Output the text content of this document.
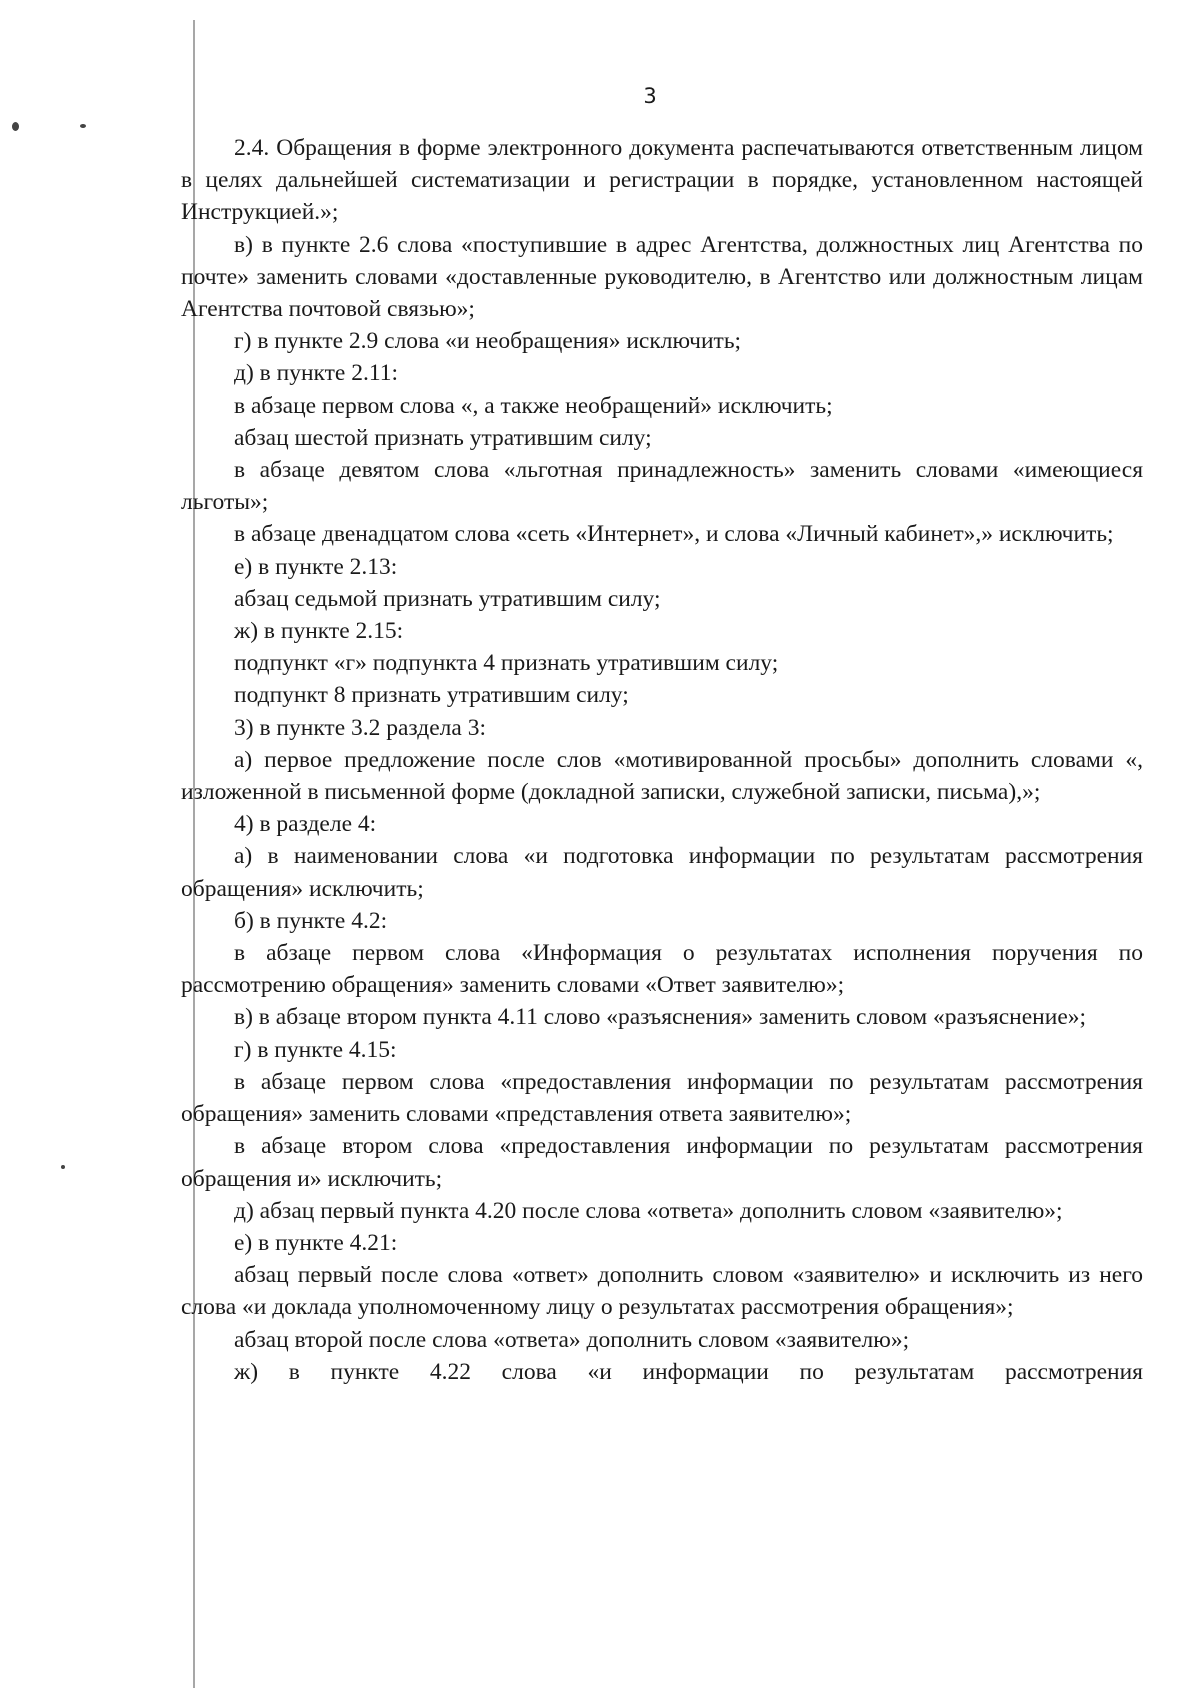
3

2.4. Обращения в форме электронного документа распечатываются ответственным лицом в целях дальнейшей систематизации и регистрации в порядке, установленном настоящей Инструкцией.»;

в) в пункте 2.6 слова «поступившие в адрес Агентства, должностных лиц Агентства по почте» заменить словами «доставленные руководителю, в Агентство или должностным лицам Агентства почтовой связью»;

г) в пункте 2.9 слова «и необращения» исключить;

д) в пункте 2.11:

в абзаце первом слова «, а также необращений» исключить;

абзац шестой признать утратившим силу;

в абзаце девятом слова «льготная принадлежность» заменить словами «имеющиеся льготы»;

в абзаце двенадцатом слова «сеть «Интернет», и слова «Личный кабинет»,» исключить;

е) в пункте 2.13:

абзац седьмой признать утратившим силу;

ж) в пункте 2.15:

подпункт «г» подпункта 4 признать утратившим силу;

подпункт 8 признать утратившим силу;

3) в пункте 3.2 раздела 3:

а) первое предложение после слов «мотивированной просьбы» дополнить словами «, изложенной в письменной форме (докладной записки, служебной записки, письма),»;

4) в разделе 4:

а) в наименовании слова «и подготовка информации по результатам рассмотрения обращения» исключить;

б) в пункте 4.2:

в абзаце первом слова «Информация о результатах исполнения поручения по рассмотрению обращения» заменить словами «Ответ заявителю»;

в) в абзаце втором пункта 4.11 слово «разъяснения» заменить словом «разъяснение»;

г) в пункте 4.15:

в абзаце первом слова «предоставления информации по результатам рассмотрения обращения» заменить словами «представления ответа заявителю»;

в абзаце втором слова «предоставления информации по результатам рассмотрения обращения и» исключить;

д) абзац первый пункта 4.20 после слова «ответа» дополнить словом «заявителю»;

е) в пункте 4.21:

абзац первый после слова «ответ» дополнить словом «заявителю» и исключить из него слова «и доклада уполномоченному лицу о результатах рассмотрения обращения»;

абзац второй после слова «ответа» дополнить словом «заявителю»;

ж) в пункте 4.22 слова «и информации по результатам рассмотрения
